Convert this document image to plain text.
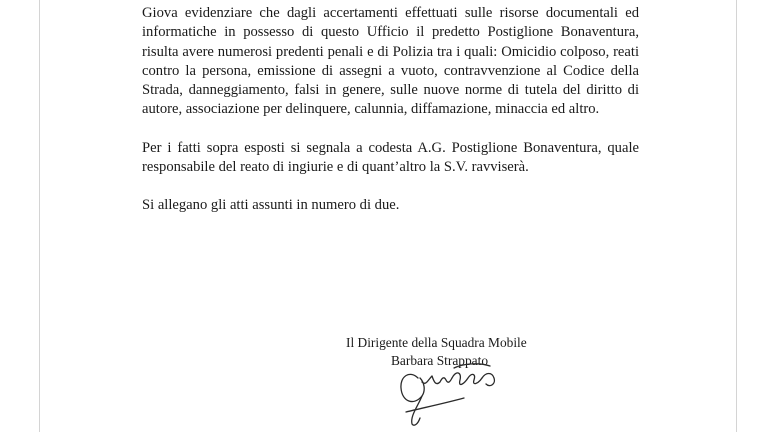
Giova evidenziare che dagli accertamenti effettuati sulle risorse documentali ed informatiche in possesso di questo Ufficio il predetto Postiglione Bonaventura, risulta avere numerosi predenti penali e di Polizia tra i quali: Omicidio colposo, reati contro la persona, emissione di assegni a vuoto, contravvenzione al Codice della Strada, danneggiamento, falsi in genere, sulle nuove norme di tutela del diritto di autore, associazione per delinquere, calunnia, diffamazione, minaccia ed altro.

Per i fatti sopra esposti si segnala a codesta A.G. Postiglione Bonaventura, quale responsabile del reato di ingiurie e di quant’altro la S.V. ravviserà.

Si allegano gli atti assunti in numero di due.

Il Dirigente della Squadra Mobile

Barbara Strappato
